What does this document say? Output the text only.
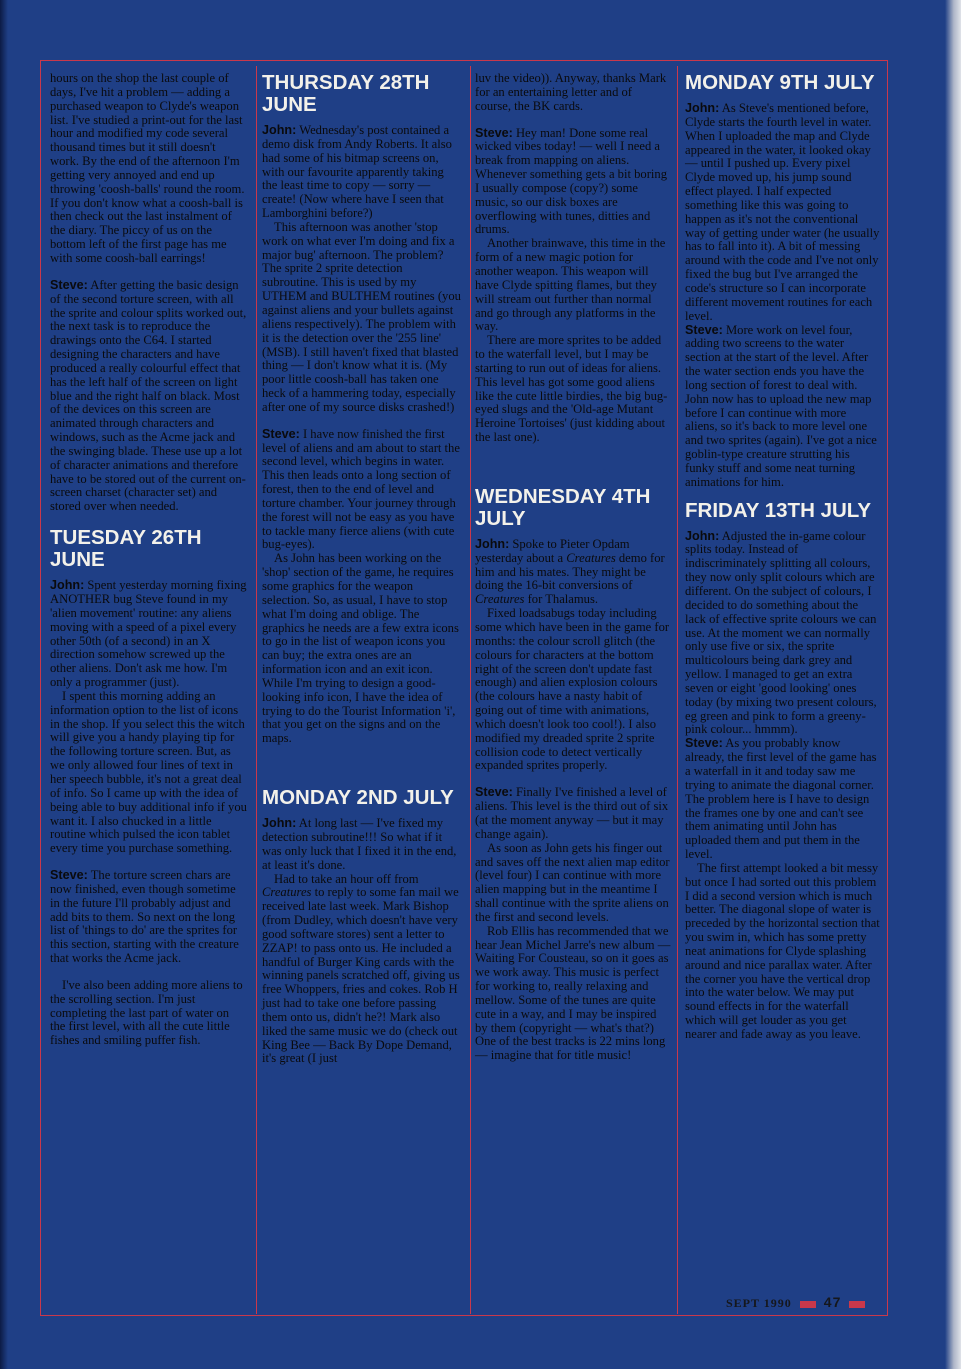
hours on the shop the last couple of days, I've hit a problem — adding a purchased weapon to Clyde's weapon list. I've studied a print-out for the last hour and modified my code several thousand times but it still doesn't work. By the end of the afternoon I'm getting very annoyed and end up throwing 'coosh-balls' round the room. If you don't know what a coosh-ball is then check out the last instalment of the diary. The piccy of us on the bottom left of the first page has me with some coosh-ball earrings!

Steve: After getting the basic design of the second torture screen, with all the sprite and colour splits worked out, the next task is to reproduce the drawings onto the C64. I started designing the characters and have produced a really colourful effect that has the left half of the screen on light blue and the right half on black. Most of the devices on this screen are animated through characters and windows, such as the Acme jack and the swinging blade. These use up a lot of character animations and therefore have to be stored out of the current on-screen charset (character set) and stored over when needed.

TUESDAY 26TH JUNE

John: Spent yesterday morning fixing ANOTHER bug Steve found in my 'alien movement' routine: any aliens moving with a speed of a pixel every other 50th (of a second) in an X direction somehow screwed up the other aliens. Don't ask me how. I'm only a programmer (just).

I spent this morning adding an information option to the list of icons in the shop. If you select this the witch will give you a handy playing tip for the following torture screen. But, as we only allowed four lines of text in her speech bubble, it's not a great deal of info. So I came up with the idea of being able to buy additional info if you want it. I also chucked in a little routine which pulsed the icon tablet every time you purchase something.

Steve: The torture screen chars are now finished, even though sometime in the future I'll probably adjust and add bits to them. So next on the long list of 'things to do' are the sprites for this section, starting with the creature that works the Acme jack.

I've also been adding more aliens to the scrolling section. I'm just completing the last part of water on the first level, with all the cute little fishes and smiling puffer fish.

THURSDAY 28TH JUNE

John: Wednesday's post contained a demo disk from Andy Roberts. It also had some of his bitmap screens on, with our favourite apparently taking the least time to copy — sorry — create! (Now where have I seen that Lamborghini before?)

This afternoon was another 'stop work on what ever I'm doing and fix a major bug' afternoon. The problem? The sprite 2 sprite detection subroutine. This is used by my UTHEM and BULTHEM routines (you against aliens and your bullets against aliens respectively). The problem with it is the detection over the '255 line' (MSB). I still haven't fixed that blasted thing — I don't know what it is. (My poor little coosh-ball has taken one heck of a hammering today, especially after one of my source disks crashed!)

Steve: I have now finished the first level of aliens and am about to start the second level, which begins in water. This then leads onto a long section of forest, then to the end of level and torture chamber. Your journey through the forest will not be easy as you have to tackle many fierce aliens (with cute bug-eyes).

As John has been working on the 'shop' section of the game, he requires some graphics for the weapon selection. So, as usual, I have to stop what I'm doing and oblige. The graphics he needs are a few extra icons to go in the list of weapon icons you can buy; the extra ones are an information icon and an exit icon. While I'm trying to design a good-looking info icon, I have the idea of trying to do the Tourist Information 'i', that you get on the signs and on the maps.

MONDAY 2ND JULY

John: At long last — I've fixed my detection subroutine!!! So what if it was only luck that I fixed it in the end, at least it's done.

Had to take an hour off from Creatures to reply to some fan mail we received late last week. Mark Bishop (from Dudley, which doesn't have very good software stores) sent a letter to ZZAP! to pass onto us. He included a handful of Burger King cards with the winning panels scratched off, giving us free Whoppers, fries and cokes. Rob H just had to take one before passing them onto us, didn't he?! Mark also liked the same music we do (check out King Bee — Back By Dope Demand, it's great (I just

luv the video)). Anyway, thanks Mark for an entertaining letter and of course, the BK cards.

Steve: Hey man! Done some real wicked vibes today! — well I need a break from mapping on aliens. Whenever something gets a bit boring I usually compose (copy?) some music, so our disk boxes are overflowing with tunes, ditties and drums.

Another brainwave, this time in the form of a new magic potion for another weapon. This weapon will have Clyde spitting flames, but they will stream out further than normal and go through any platforms in the way.

There are more sprites to be added to the waterfall level, but I may be starting to run out of ideas for aliens. This level has got some good aliens like the cute little birdies, the big bug-eyed slugs and the 'Old-age Mutant Heroine Tortoises' (just kidding about the last one).

WEDNESDAY 4TH JULY

John: Spoke to Pieter Opdam yesterday about a Creatures demo for him and his mates. They might be doing the 16-bit conversions of Creatures for Thalamus.

Fixed loadsabugs today including some which have been in the game for months: the colour scroll glitch (the colours for characters at the bottom right of the screen don't update fast enough) and alien explosion colours (the colours have a nasty habit of going out of time with animations, which doesn't look too cool!). I also modified my dreaded sprite 2 sprite collision code to detect vertically expanded sprites properly.

Steve: Finally I've finished a level of aliens. This level is the third out of six (at the moment anyway — but it may change again).

As soon as John gets his finger out and saves off the next alien map editor (level four) I can continue with more alien mapping but in the meantime I shall continue with the sprite aliens on the first and second levels.

Rob Ellis has recommended that we hear Jean Michel Jarre's new album — Waiting For Cousteau, so on it goes as we work away. This music is perfect for working to, really relaxing and mellow. Some of the tunes are quite cute in a way, and I may be inspired by them (copyright — what's that?) One of the best tracks is 22 mins long — imagine that for title music!

MONDAY 9TH JULY

John: As Steve's mentioned before, Clyde starts the fourth level in water. When I uploaded the map and Clyde appeared in the water, it looked okay — until I pushed up. Every pixel Clyde moved up, his jump sound effect played. I half expected something like this was going to happen as it's not the conventional way of getting under water (he usually has to fall into it). A bit of messing around with the code and I've not only fixed the bug but I've arranged the code's structure so I can incorporate different movement routines for each level.

Steve: More work on level four, adding two screens to the water section at the start of the level. After the water section ends you have the long section of forest to deal with. John now has to upload the new map before I can continue with more aliens, so it's back to more level one and two sprites (again). I've got a nice goblin-type creature strutting his funky stuff and some neat turning animations for him.

FRIDAY 13TH JULY

John: Adjusted the in-game colour splits today. Instead of indiscriminately splitting all colours, they now only split colours which are different. On the subject of colours, I decided to do something about the lack of effective sprite colours we can use. At the moment we can normally only use five or six, the sprite multicolours being dark grey and yellow. I managed to get an extra seven or eight 'good looking' ones today (by mixing two present colours, eg green and pink to form a greeny-pink colour... hmmm).

Steve: As you probably know already, the first level of the game has a waterfall in it and today saw me trying to animate the diagonal corner. The problem here is I have to design the frames one by one and can't see them animating until John has uploaded them and put them in the level.

The first attempt looked a bit messy but once I had sorted out this problem I did a second version which is much better. The diagonal slope of water is preceded by the horizontal section that you swim in, which has some pretty neat animations for Clyde splashing around and nice parallax water. After the corner you have the vertical drop into the water below. We may put sound effects in for the waterfall which will get louder as you get nearer and fade away as you leave.

SEPT 1990 47
